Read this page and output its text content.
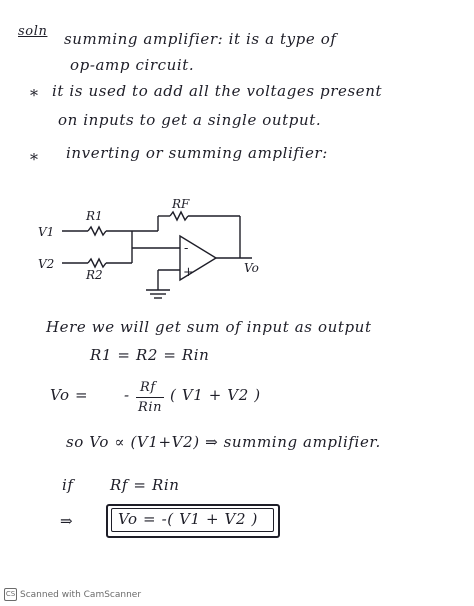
soln summing amplifier: it is a type of
op-amp circuit.
* it is used to add all the voltages present
on inputs to get a single output.
* inverting or summing amplifier:
V1
V2
R1
R2
RF
Vo
-
+
Here we will get sum of input as output
R1 = R2 = Rin
Vo = - Rf
Rin
( V1 + V2 )
so Vo ∝ (V1+V2) ⇒ summing amplifier.
if Rf = Rin
⇒	Vo = -( V1 + V2 )
CS Scanned with CamScanner
